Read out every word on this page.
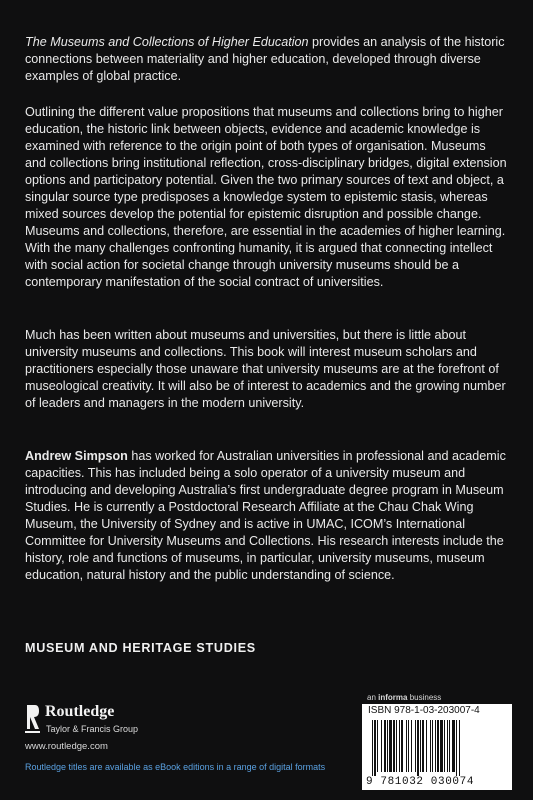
The Museums and Collections of Higher Education provides an analysis of the historic connections between materiality and higher education, developed through diverse examples of global practice.

Outlining the different value propositions that museums and collections bring to higher education, the historic link between objects, evidence and academic knowledge is examined with reference to the origin point of both types of organisation. Museums and collections bring institutional reflection, cross-disciplinary bridges, digital extension options and participatory potential. Given the two primary sources of text and object, a singular source type predisposes a knowledge system to epistemic stasis, whereas mixed sources develop the potential for epistemic disruption and possible change. Museums and collections, therefore, are essential in the academies of higher learning. With the many challenges confronting humanity, it is argued that connecting intellect with social action for societal change through university museums should be a contemporary manifestation of the social contract of universities.

Much has been written about museums and universities, but there is little about university museums and collections. This book will interest museum scholars and practitioners especially those unaware that university museums are at the forefront of museological creativity. It will also be of interest to academics and the growing number of leaders and managers in the modern university.

Andrew Simpson has worked for Australian universities in professional and academic capacities. This has included being a solo operator of a university museum and introducing and developing Australia’s first undergraduate degree program in Museum Studies. He is currently a Postdoctoral Research Affiliate at the Chau Chak Wing Museum, the University of Sydney and is active in UMAC, ICOM’s International Committee for University Museums and Collections. His research interests include the history, role and functions of museums, in particular, university museums, museum education, natural history and the public understanding of science.

MUSEUM AND HERITAGE STUDIES
Routledge
Taylor & Francis Group
www.routledge.com
Routledge titles are available as eBook editions in a range of digital formats
an informa business
ISBN 978-1-03-203007-4
9 781032 030074
